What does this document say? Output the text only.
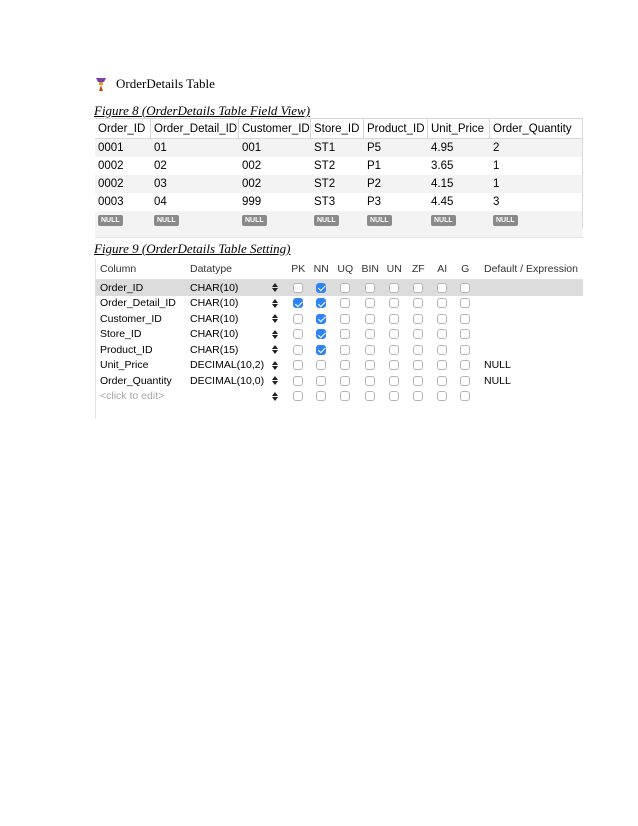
OrderDetails Table
Figure 8 (OrderDetails Table Field View)
Order_ID Order_Detail_ID Customer_ID Store_ID Product_ID Unit_Price Order_Quantity
0001	01	001	ST1	P5	4.95	2
0002	02	002	ST2	P1	3.65	1
0002	03	002	ST2	P2	4.15	1
0003	04	999	ST3	P3	4.45	3
NULL	NULL	NULL	NULL	NULL	NULL	NULL
Figure 9 (OrderDetails Table Setting)
Column	Datatype	PK NN UQ BIN UN ZF	AI	G	Default / Expression
Order_ID	CHAR(10)
Order_Detail_ID CHAR(10)
Customer_ID	CHAR(10)
Store_ID	CHAR(10)
Product_ID	CHAR(15)
Unit_Price	DECIMAL(10,2)	NULL
Order_Quantity DECIMAL(10,0)	NULL
<click to edit>
